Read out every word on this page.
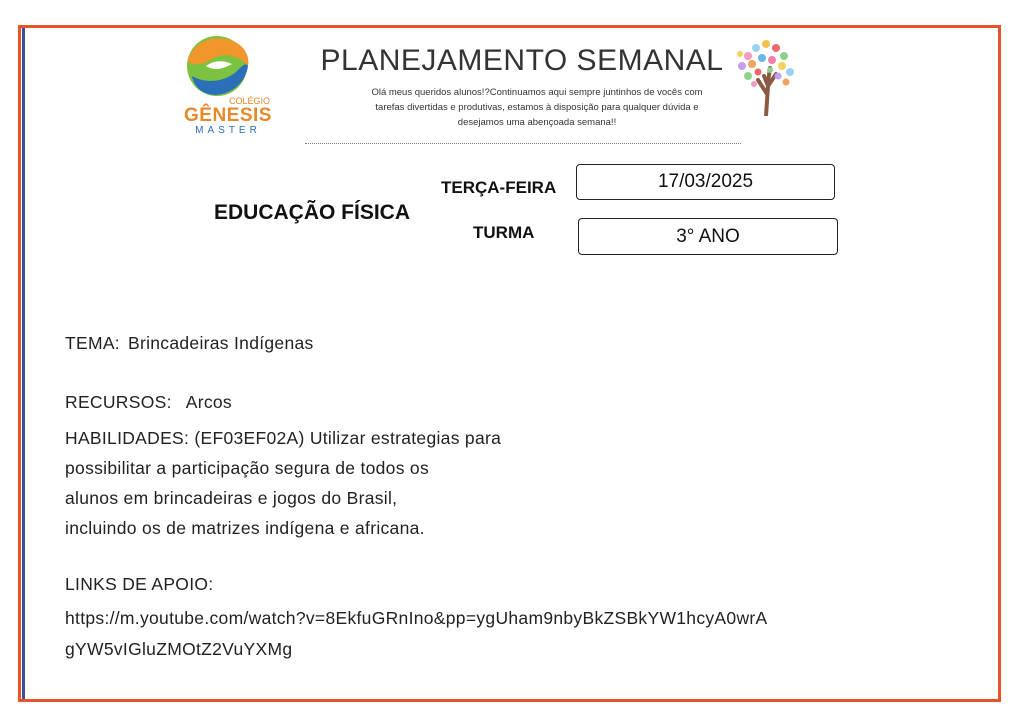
COLÉGIO
GÊNESIS
MASTER
PLANEJAMENTO SEMANAL
Olá meus queridos alunos!?Continuamos aqui sempre juntinhos de vocês com
tarefas divertidas e produtivas, estamos à disposição para qualquer dúvida e
desejamos uma abençoada semana!!
EDUCAÇÃO FÍSICA
TERÇA-FEIRA	17/03/2025
TURMA	3° ANO
TEMA: Brincadeiras Indígenas
RECURSOS: Arcos
HABILIDADES: (EF03EF02A) Utilizar estrategias para
possibilitar a participação segura de todos os
alunos em brincadeiras e jogos do Brasil,
incluindo os de matrizes indígena e africana.
LINKS DE APOIO:
https://m.youtube.com/watch?v=8EkfuGRnIno&pp=ygUham9nbyBkZSBkYW1hcyA0wrA
gYW5vIGluZMOtZ2VuYXMg
